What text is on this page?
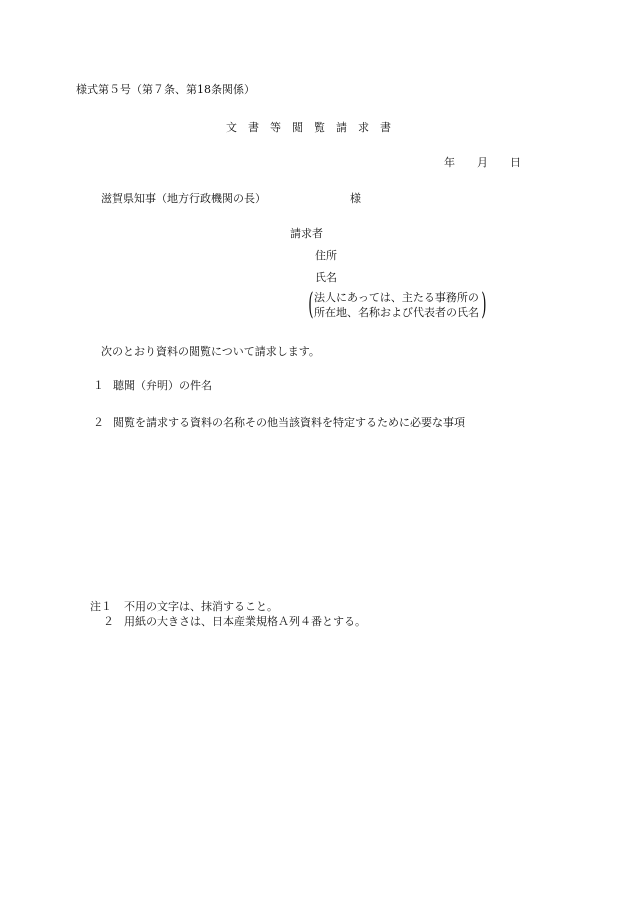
様式第５号（第７条、第18条関係）
文　書　等　閲　覧　請　求　書
年 月 日
滋賀県知事（地方行政機関の長）	様
請求者
住所
氏名
( 法人にあっては、主たる事務所の
所在地、名称および代表者の氏名 )
次のとおり資料の閲覧について請求します。
１ 聴聞（弁明）の件名
２ 閲覧を請求する資料の名称その他当該資料を特定するために必要な事項
注１ 不用の文字は、抹消すること。
２ 用紙の大きさは、日本産業規格Ａ列４番とする。
